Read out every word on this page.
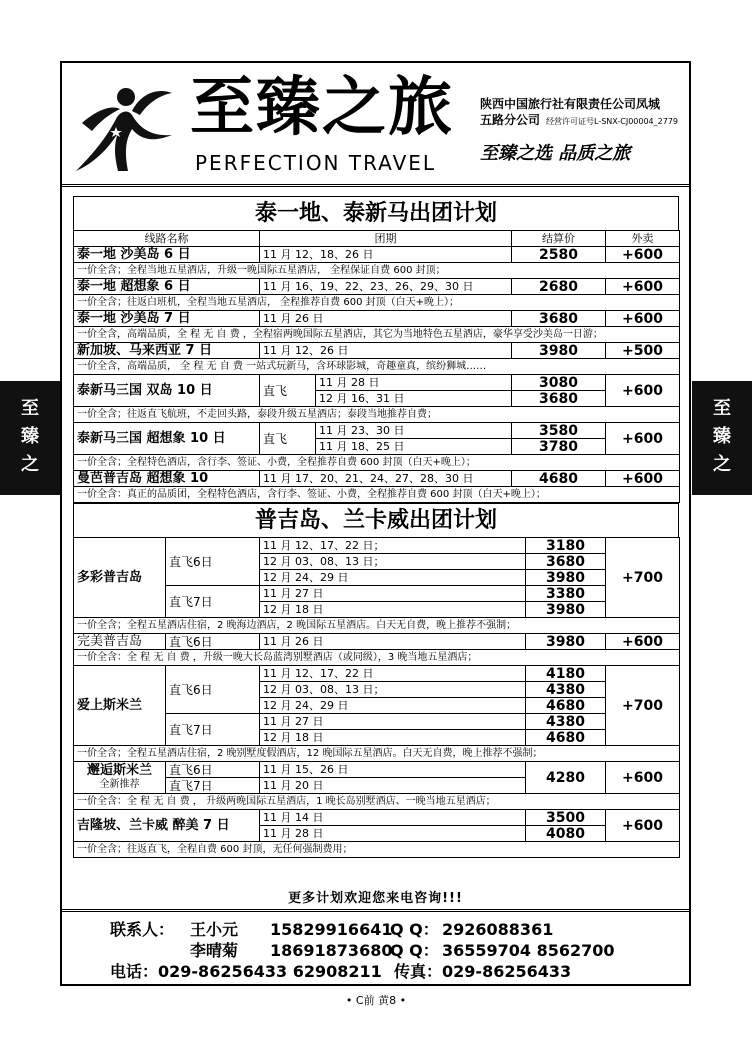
至
臻
之
至
臻
之
至臻之旅
PERFECTION TRAVEL
陕西中国旅行社有限责任公司凤城
五路分公司 经营许可证号L-SNX-CJ00004_2779
至臻之选 品质之旅
泰一地、泰新马出团计划
线路名称	团期		结算价	外卖
泰一地 沙美岛 6 日	11 月 12、18、26 日		2580	+600
一价全含；全程当地五星酒店，升级一晚国际五星酒店， 全程保证自费 600 封顶；				
泰一地 超想象 6 日	11 月 16、19、22、23、26、29、30 日		2680	+600
一价全含；往返白班机，全程当地五星酒店， 全程推荐自费 600 封顶（白天+晚上）；				
泰一地 沙美岛 7 日	11 月 26 日		3680	+600
一价全含，高端品质，全 程 无 自 费 ，全程宿两晚国际五星酒店，其它为当地特色五星酒店，豪华享受沙美岛一日游；				
新加坡、马来西亚 7 日	11 月 12、26 日		3980	+500
一价全含，高端品质， 全 程 无 自 费 一站式玩新马，含环球影城，奇趣童真，缤纷狮城……				
泰新马三国 双岛 10 日	直飞	11 月 28 日	3080	+600
		12 月 16、31 日	3680	
一价全含；往返直飞航班，不走回头路，泰段升级五星酒店；泰段当地推荐自费；				
泰新马三国 超想象 10 日	直飞	11 月 23、30 日	3580	+600
		11 月 18、25 日	3780	
一价全含；全程特色酒店，含行李、签证、小费，全程推荐自费 600 封顶（白天+晚上）；				
曼芭普吉岛 超想象 10	11 月 17、20、21、24、27、28、30 日		4680	+600
一价全含：真正的品质团，全程特色酒店，含行李、签证、小费，全程推荐自费 600 封顶（白天+晚上）；				
普吉岛、兰卡威出团计划
多彩普吉岛	直飞6日	11 月 12、17、22 日；	3180	+700
		12 月 03、08、13 日；	3680	
		12 月 24、29 日	3980	
	直飞7日	11 月 27 日	3380	
		12 月 18 日	3980	
一价全含；全程五星酒店住宿，2 晚海边酒店，2 晚国际五星酒店。白天无自费，晚上推荐不强制；				
完美普吉岛	直飞6日	11 月 26 日	3980	+600
一价全含：全 程 无 自 费 ，升级一晚大长岛蓝湾别墅酒店（或同级），3 晚当地五星酒店；				
爱上斯米兰	直飞6日	11 月 12、17、22 日	4180	+700
		12 月 03、08、13 日；	4380	
		12 月 24、29 日	4680	
	直飞7日	11 月 27 日	4380	
		12 月 18 日	4680	
一价全含；全程五星酒店住宿，2 晚别墅度假酒店，12 晚国际五星酒店。白天无自费，晚上推荐不强制；				
邂逅斯米兰
全新推荐	直飞6日	11 月 15、26 日	4280	+600
	直飞7日	11 月 20 日		
一价全含：全 程 无 自 费 ， 升级两晚国际五星酒店，1 晚长岛别墅酒店、一晚当地五星酒店；				
吉隆坡、兰卡威 醉美 7 日		11 月 14 日	3500	+600
		11 月 28 日	4080	
一价全含；往返直飞，全程自费 600 封顶，无任何强制费用；				
更多计划欢迎您来电咨询!!!
联系人： 王小元 15829916641Q Q： 2926088361
李晴菊 18691873680Q Q： 36559704 8562700
电话：029-86256433 62908211 传真：029-86256433
• C前 黄8 •
